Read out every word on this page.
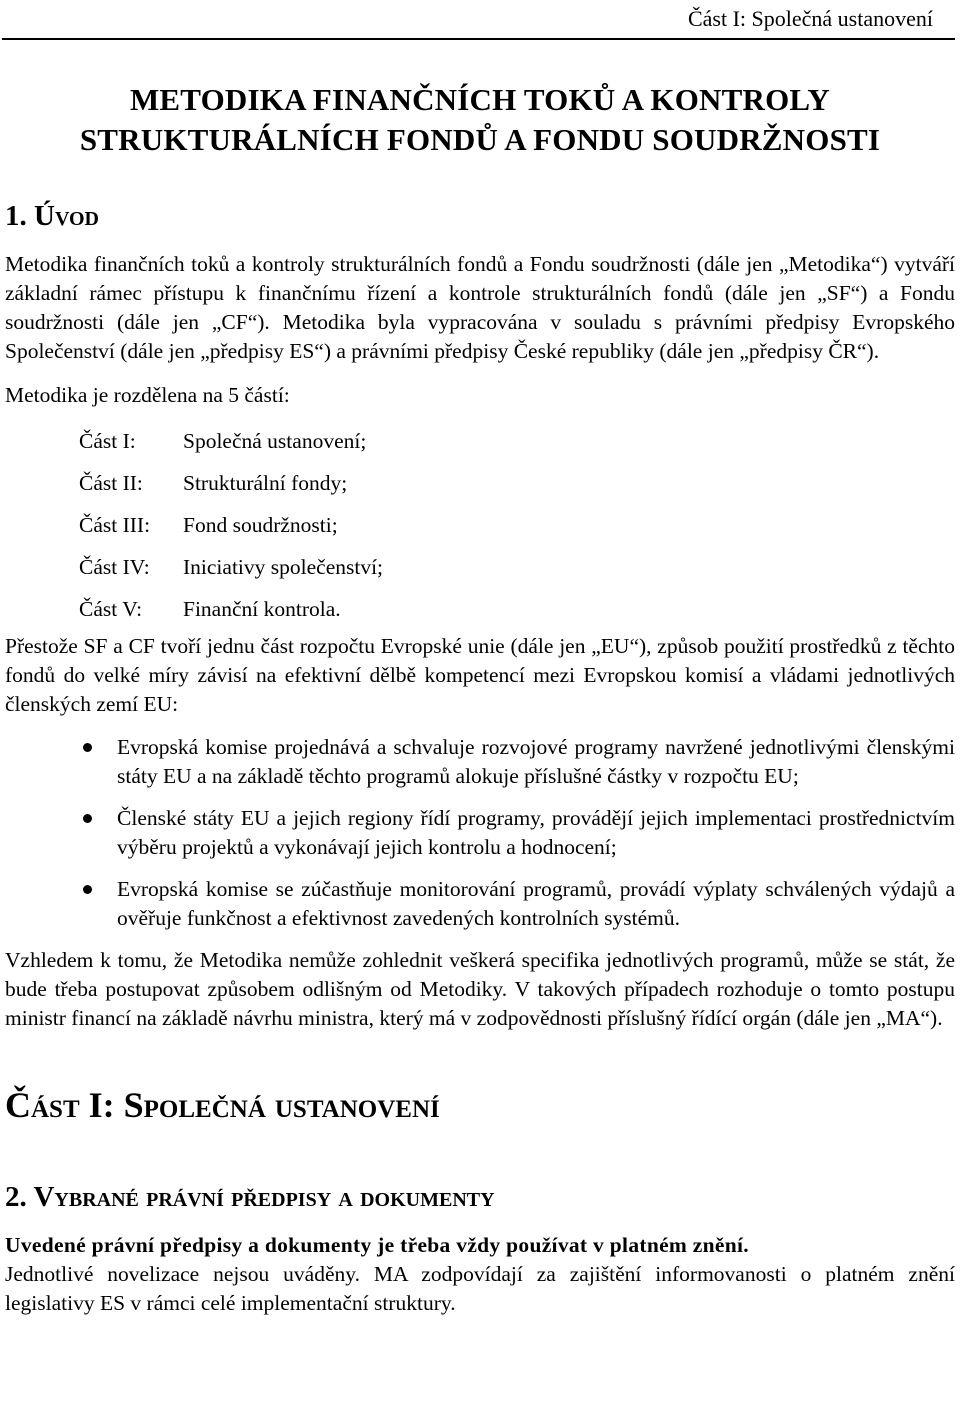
Část I: Společná ustanovení
METODIKA FINANČNÍCH TOKŮ A KONTROLY
STRUKTURÁLNÍCH FONDŮ A FONDU SOUDRŽNOSTI
1. Úvod

Metodika finančních toků a kontroly strukturálních fondů a Fondu soudržnosti (dále jen „Metodika“) vytváří základní rámec přístupu k finančnímu řízení a kontrole strukturálních fondů (dále jen „SF“) a Fondu soudržnosti (dále jen „CF“). Metodika byla vypracována v souladu s právními předpisy Evropského Společenství (dále jen „předpisy ES“) a právními předpisy České republiky (dále jen „předpisy ČR“).

Metodika je rozdělena na 5 částí:

Část I:	Společná ustanovení;
Část II:	Strukturální fondy;
Část III:	Fond soudržnosti;
Část IV:	Iniciativy společenství;
Část V:	Finanční kontrola.

Přestože SF a CF tvoří jednu část rozpočtu Evropské unie (dále jen „EU“), způsob použití prostředků z těchto fondů do velké míry závisí na efektivní dělbě kompetencí mezi Evropskou komisí a vládami jednotlivých členských zemí EU:

Evropská komise projednává a schvaluje rozvojové programy navržené jednotlivými členskými státy EU a na základě těchto programů alokuje příslušné částky v rozpočtu EU;
Členské státy EU a jejich regiony řídí programy, provádějí jejich implementaci prostřednictvím výběru projektů a vykonávají jejich kontrolu a hodnocení;
Evropská komise se zúčastňuje monitorování programů, provádí výplaty schválených výdajů a ověřuje funkčnost a efektivnost zavedených kontrolních systémů.

Vzhledem k tomu, že Metodika nemůže zohlednit veškerá specifika jednotlivých programů, může se stát, že bude třeba postupovat způsobem odlišným od Metodiky. V takových případech rozhoduje o tomto postupu ministr financí na základě návrhu ministra, který má v zodpovědnosti příslušný řídící orgán (dále jen „MA“).

Část I: Společná ustanovení
2. Vybrané právní předpisy a dokumenty

Uvedené právní předpisy a dokumenty je třeba vždy používat v platném znění.

Jednotlivé novelizace nejsou uváděny. MA zodpovídají za zajištění informovanosti o platném znění legislativy ES v rámci celé implementační struktury.
